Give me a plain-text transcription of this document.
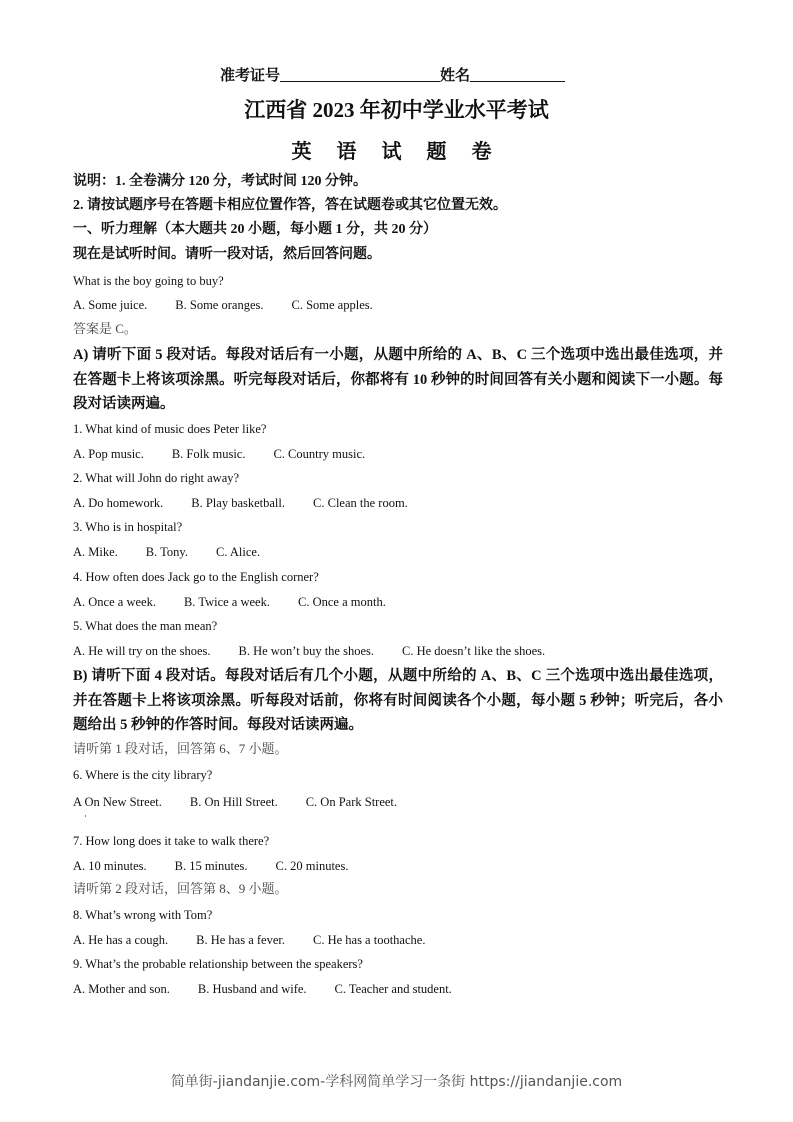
准考证号	姓名
江西省 2023 年初中学业水平考试
英 语 试 题 卷
说明：1. 全卷满分 120 分，考试时间 120 分钟。
2. 请按试题序号在答题卡相应位置作答，答在试题卷或其它位置无效。
一、听力理解（本大题共 20 小题，每小题 1 分，共 20 分）
现在是试听时间。请听一段对话，然后回答问题。
What is the boy going to buy?
A. Some juice. B. Some oranges. C. Some apples.
答案是 C。
A) 请听下面 5 段对话。每段对话后有一小题，从题中所给的 A、B、C 三个选项中选出最佳选项，并在答题卡上将该项涂黑。听完每段对话后，你都将有 10 秒钟的时间回答有关小题和阅读下一小题。每段对话读两遍。
1. What kind of music does Peter like?
A. Pop music. B. Folk music. C. Country music.
2. What will John do right away?
A. Do homework. B. Play basketball. C. Clean the room.
3. Who is in hospital?
A. Mike. B. Tony. C. Alice.
4. How often does Jack go to the English corner?
A. Once a week. B. Twice a week. C. Once a month.
5. What does the man mean?
A. He will try on the shoes. B. He won’t buy the shoes. C. He doesn’t like the shoes.
B) 请听下面 4 段对话。每段对话后有几个小题，从题中所给的 A、B、C 三个选项中选出最佳选项，并在答题卡上将该项涂黑。听每段对话前，你将有时间阅读各个小题，每小题 5 秒钟；听完后，各小题给出 5 秒钟的作答时间。每段对话读两遍。
请听第 1 段对话，回答第 6、7 小题。
6. Where is the city library?
A On New Street. B. On Hill Street. C. On Park Street.
7. How long does it take to walk there?
A. 10 minutes. B. 15 minutes. C. 20 minutes.
请听第 2 段对话，回答第 8、9 小题。
8. What’s wrong with Tom?
A. He has a cough. B. He has a fever. C. He has a toothache.
9. What’s the probable relationship between the speakers?
A. Mother and son. B. Husband and wife. C. Teacher and student.
简单街-jiandanjie.com-学科网简单学习一条街 https://jiandanjie.com
